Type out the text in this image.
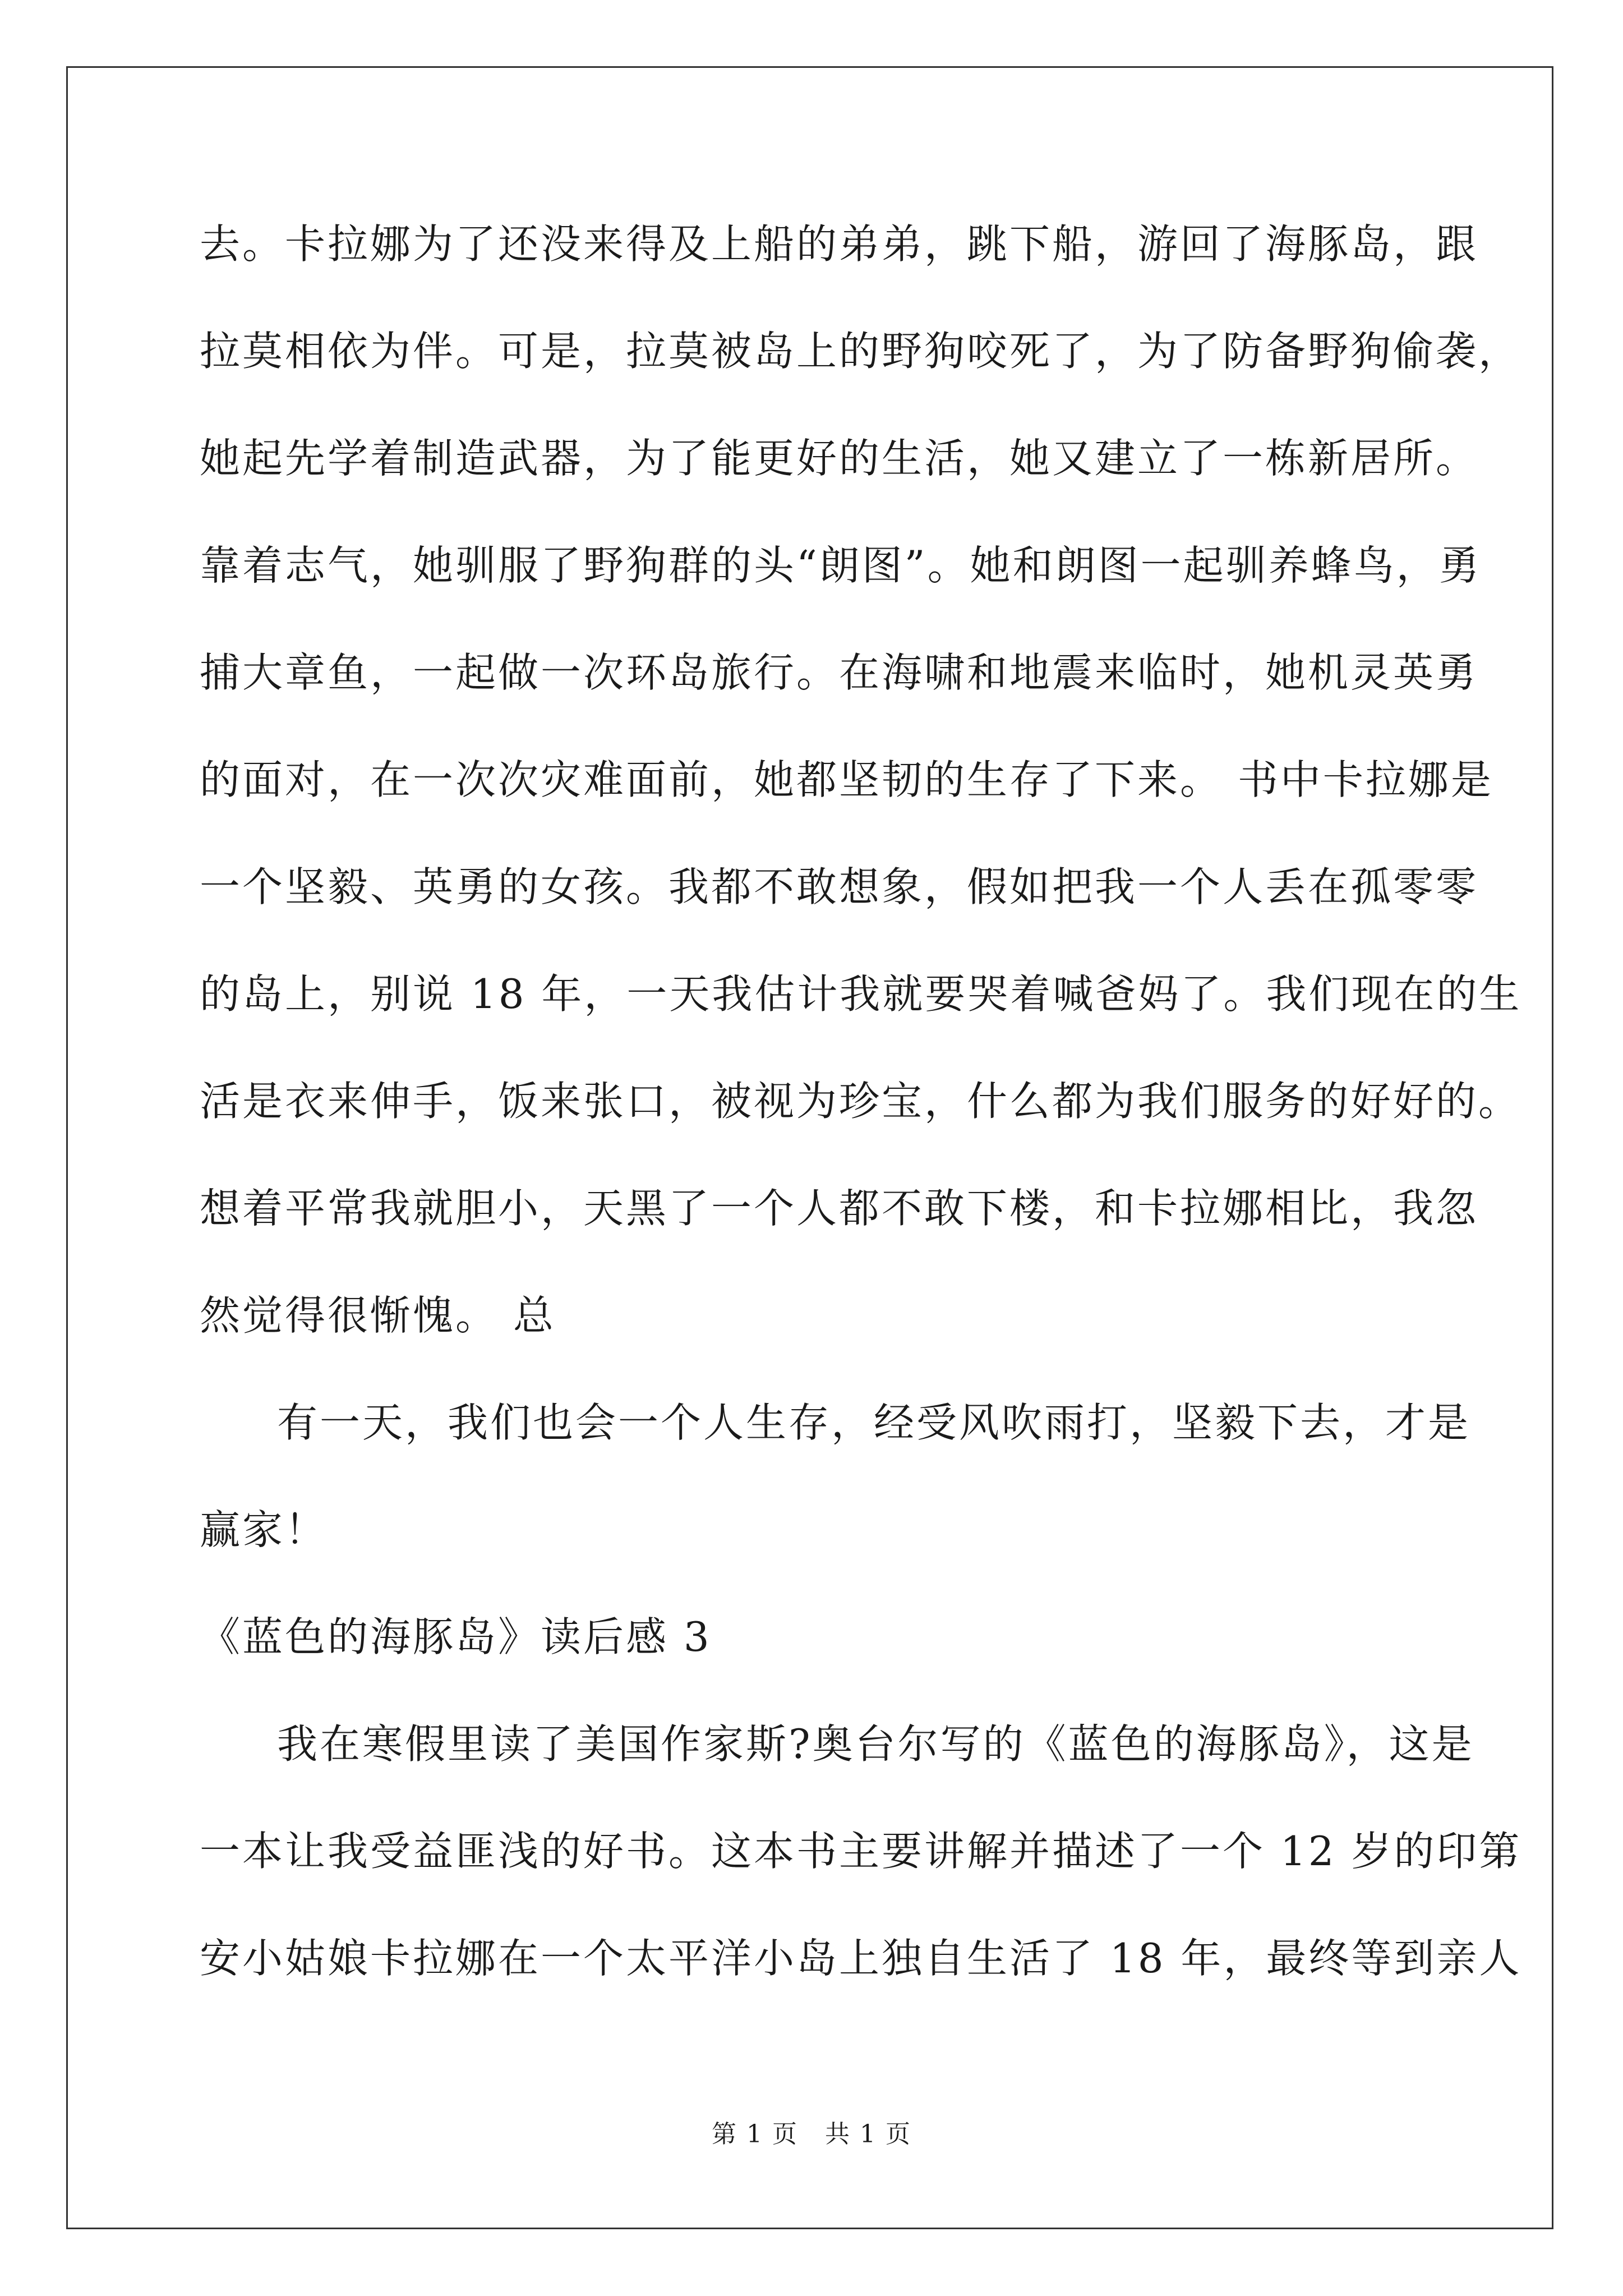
去。卡拉娜为了还没来得及上船的弟弟，跳下船，游回了海豚岛，跟
拉莫相依为伴。可是，拉莫被岛上的野狗咬死了，为了防备野狗偷袭，
她起先学着制造武器，为了能更好的生活，她又建立了一栋新居所。
靠着志气，她驯服了野狗群的头“朗图”。她和朗图一起驯养蜂鸟，勇
捕大章鱼，一起做一次环岛旅行。在海啸和地震来临时，她机灵英勇
的面对，在一次次灾难面前，她都坚韧的生存了下来。 书中卡拉娜是
一个坚毅、英勇的女孩。我都不敢想象，假如把我一个人丢在孤零零
的岛上，别说 18 年，一天我估计我就要哭着喊爸妈了。我们现在的生
活是衣来伸手，饭来张口，被视为珍宝，什么都为我们服务的好好的。
想着平常我就胆小，天黑了一个人都不敢下楼，和卡拉娜相比，我忽
然觉得很惭愧。 总
有一天，我们也会一个人生存，经受风吹雨打，坚毅下去，才是
赢家！
《蓝色的海豚岛》读后感 3
我在寒假里读了美国作家斯?奥台尔写的《蓝色的海豚岛》，这是
一本让我受益匪浅的好书。这本书主要讲解并描述了一个 12 岁的印第
安小姑娘卡拉娜在一个太平洋小岛上独自生活了 18 年，最终等到亲人
第 1 页 共 1 页
